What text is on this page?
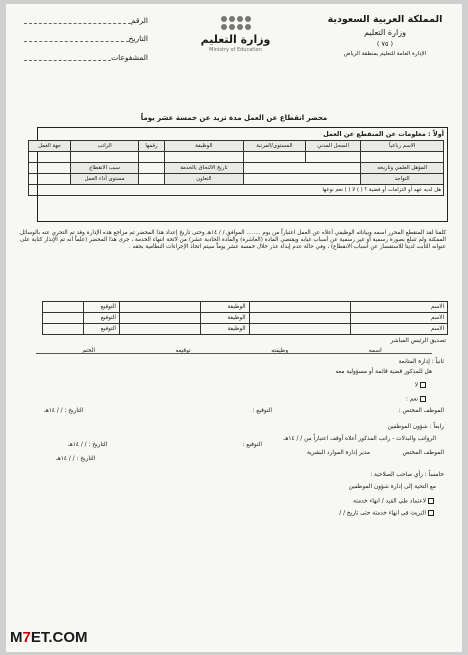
المملكة العربية السعودية
وزارة التعليم
( ٧٥ )
الإدارة العامة للتعليم بمنطقة الرياض
وزارة التعليم
Ministry of Education
الرقم
التاريخ
المشفوعات
محضر انقطاع عن العمل مدة تزيد عن خمسة عشر يوماً
أولاً : معلومات عن المنقطع عن العمل
الاسم رباعياً	السجل المدني	المستوى/المرتبة	الوظيفة	رقمها	الراتب	جهة العمل

المؤهل العلمي وتاريخه			تاريخ الالتحاق بالخدمة		سبب الانقطاع	
التواجد			التعاون		مستوى أداء العمل	
هل لديه عهد أو التزامات أو قضية ؟ ( ) لا ( ) نعم نوعها						
كلفنا لقد المنقطع المحرر اسمه وبياناته الوظيفي أعلاه عن العمل اعتباراً من يوم ........ الموافق / / ١٤هـ وحتى تاريخ إعداد هذا المحضر تم مراجع هذه الإدارة وقد تم التحري عنه بالوسائل الممكنة ولم تتبلغ بصورة رسمية أو غير رسمية عن أسباب غيابه ويقتضي المادة (العاشرة) والمادة الحادية عشر) من لائحة انتهاء الخدمة ، جرى هذا المحضر (علماً أنه تم الإنذار كتابة على عنوانه الثابت لدينا للاستفسار عن أسباب الانقطاع) ، وفي حالة عدم إبداء عذر خلال خمسة عشر يوماً سيتم اتخاذ الإجراءات النظامية بحقه .
الاسم		الوظيفة		التوقيع	
الاسم		الوظيفة		التوقيع	
الاسم		الوظيفة		التوقيع	
تصديق الرئيس المباشر
اسمه
وظيفته
توقيعه
الختم
ثانياً : إدارة المتابعة
هل للمذكور قضية قائمة أو مسؤولية معه
لا
نعم :
الموظف المختص :
التوقيع :
التاريخ : / / ١٤هـ
رابعاً : شؤون الموظفين
الرواتب والبدلات - راتب المذكور أعلاه أوقف اعتباراً من / / ١٤هـ
الموظف المختص
مدير إدارة الموارد البشرية
التوقيع :
التاريخ : / / ١٤هـ
خامساً : رأي صاحب الصلاحية :
مع التحية إلى إدارة شؤون الموظفين
لاعتماد طي القيد / انهاء خدمته
التريث في انهاء خدمته حتى تاريخ / /
التاريخ : / / ١٤هـ
M7ET.COM
